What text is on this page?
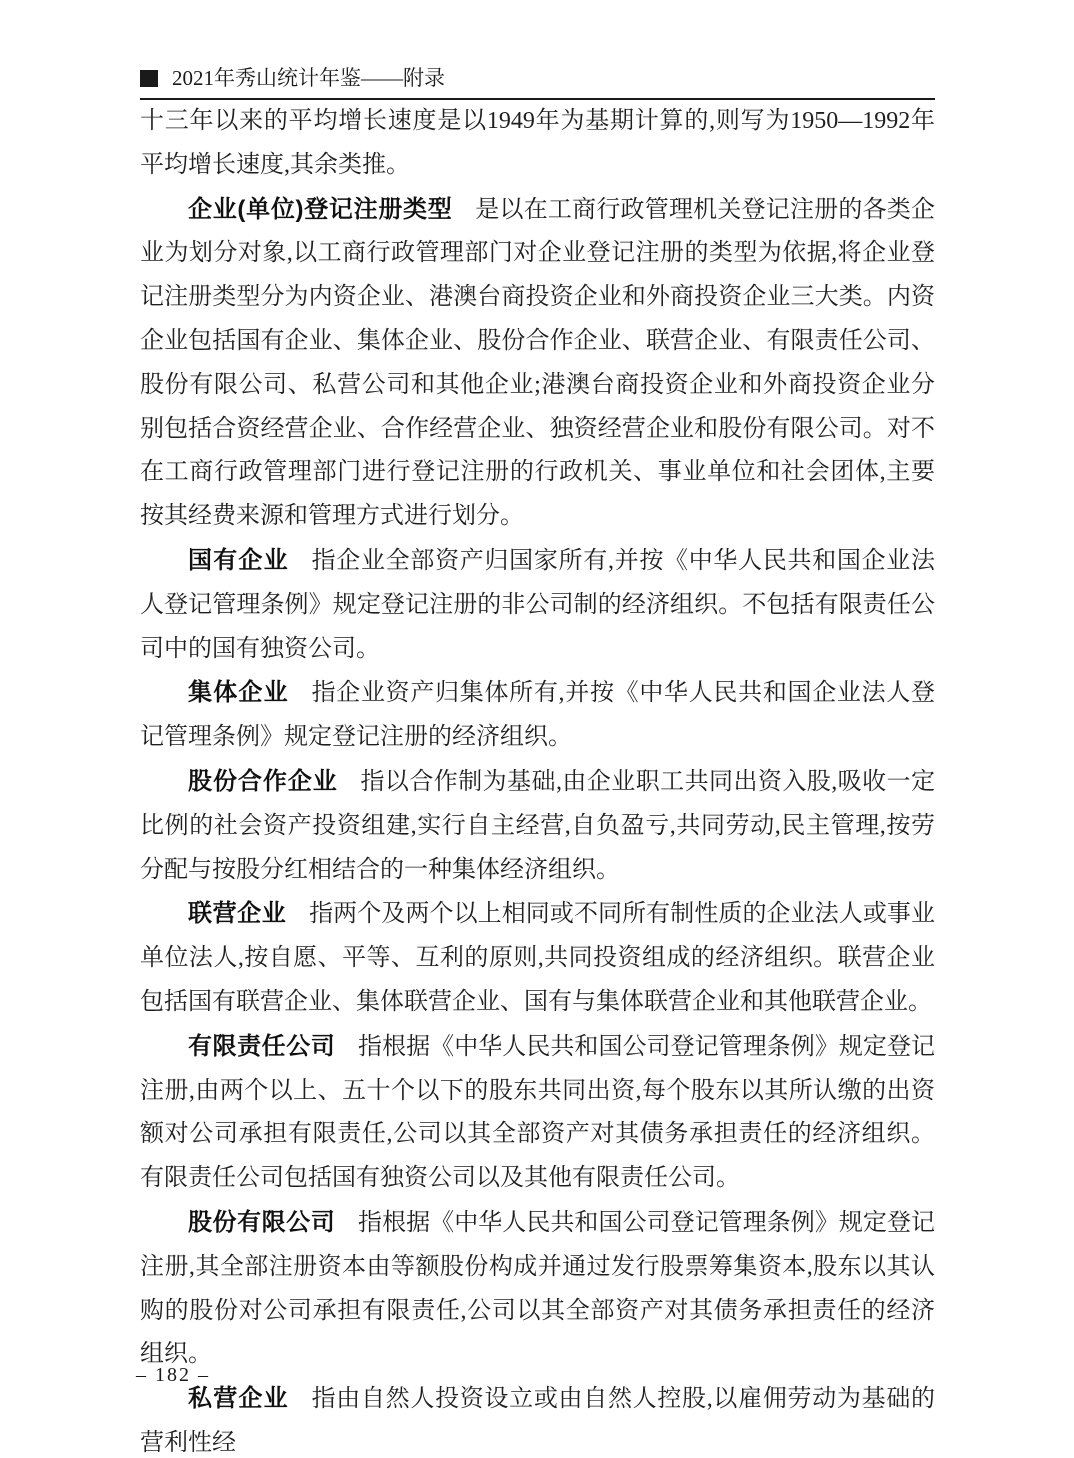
2021年秀山统计年鉴——附录

十三年以来的平均增长速度是以1949年为基期计算的,则写为1950—1992年平均增长速度,其余类推。

企业(单位)登记注册类型 是以在工商行政管理机关登记注册的各类企业为划分对象,以工商行政管理部门对企业登记注册的类型为依据,将企业登记注册类型分为内资企业、港澳台商投资企业和外商投资企业三大类。内资企业包括国有企业、集体企业、股份合作企业、联营企业、有限责任公司、股份有限公司、私营公司和其他企业;港澳台商投资企业和外商投资企业分别包括合资经营企业、合作经营企业、独资经营企业和股份有限公司。对不在工商行政管理部门进行登记注册的行政机关、事业单位和社会团体,主要按其经费来源和管理方式进行划分。

国有企业 指企业全部资产归国家所有,并按《中华人民共和国企业法人登记管理条例》规定登记注册的非公司制的经济组织。不包括有限责任公司中的国有独资公司。

集体企业 指企业资产归集体所有,并按《中华人民共和国企业法人登记管理条例》规定登记注册的经济组织。

股份合作企业 指以合作制为基础,由企业职工共同出资入股,吸收一定比例的社会资产投资组建,实行自主经营,自负盈亏,共同劳动,民主管理,按劳分配与按股分红相结合的一种集体经济组织。

联营企业 指两个及两个以上相同或不同所有制性质的企业法人或事业单位法人,按自愿、平等、互利的原则,共同投资组成的经济组织。联营企业包括国有联营企业、集体联营企业、国有与集体联营企业和其他联营企业。

有限责任公司 指根据《中华人民共和国公司登记管理条例》规定登记注册,由两个以上、五十个以下的股东共同出资,每个股东以其所认缴的出资额对公司承担有限责任,公司以其全部资产对其债务承担责任的经济组织。有限责任公司包括国有独资公司以及其他有限责任公司。

股份有限公司 指根据《中华人民共和国公司登记管理条例》规定登记注册,其全部注册资本由等额股份构成并通过发行股票筹集资本,股东以其认购的股份对公司承担有限责任,公司以其全部资产对其债务承担责任的经济组织。

私营企业 指由自然人投资设立或由自然人控股,以雇佣劳动为基础的营利性经

– 182 –
